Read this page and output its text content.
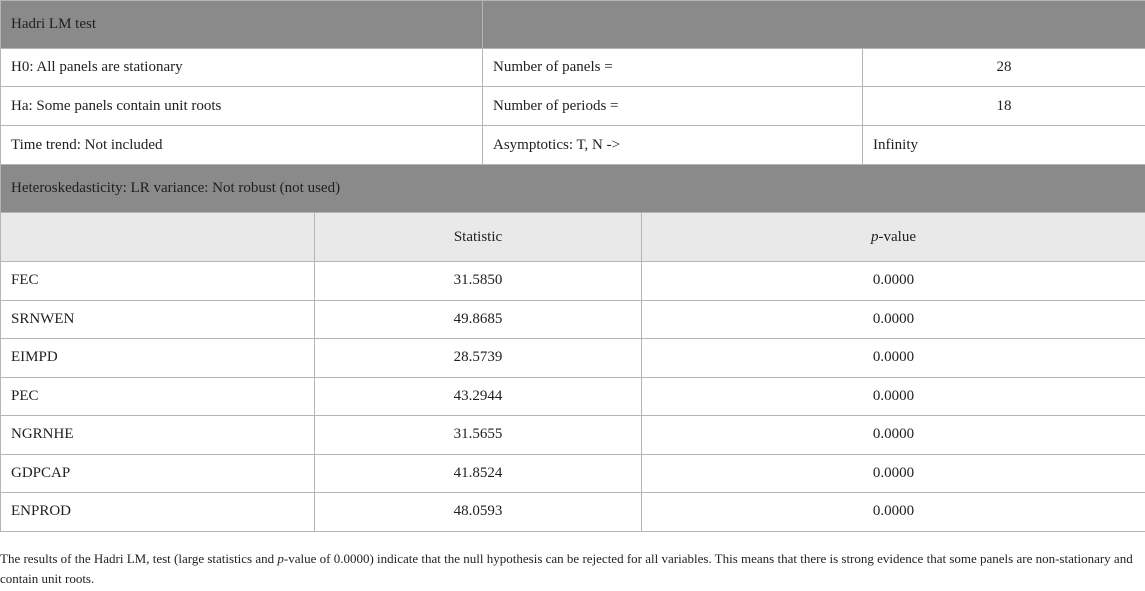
Hadri LM test		
H0: All panels are stationary	Number of panels =	28
Ha: Some panels contain unit roots	Number of periods =	18
Time trend: Not included	Asymptotics: T, N ->	Infinity
Heteroskedasticity: LR variance: Not robust (not used)		
	Statistic	p-value
FEC	31.5850	0.0000
SRNWEN	49.8685	0.0000
EIMPD	28.5739	0.0000
PEC	43.2944	0.0000
NGRNHE	31.5655	0.0000
GDPCAP	41.8524	0.0000
ENPROD	48.0593	0.0000
The results of the Hadri LM, test (large statistics and p-value of 0.0000) indicate that the null hypothesis can be rejected for all variables. This means that there is strong evidence that some panels are non-stationary and contain unit roots.
